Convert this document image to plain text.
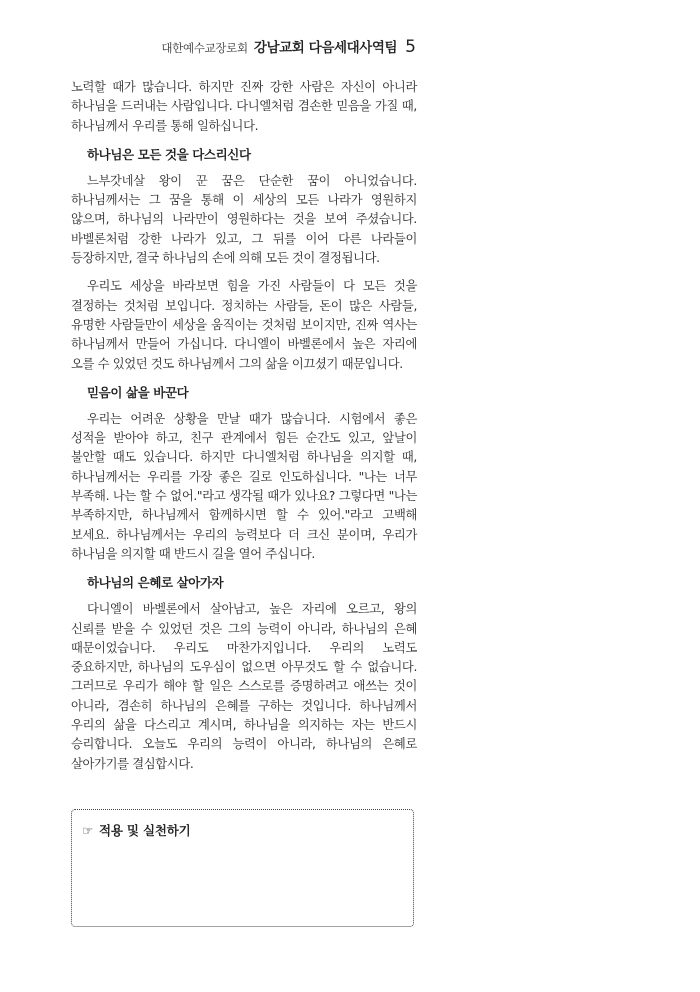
대한예수교장로회 강남교회 다음세대사역팀 5

노력할 때가 많습니다. 하지만 진짜 강한 사람은 자신이 아니라 하나님을 드러내는 사람입니다. 다니엘처럼 겸손한 믿음을 가질 때, 하나님께서 우리를 통해 일하십니다.

하나님은 모든 것을 다스리신다

느부갓네살 왕이 꾼 꿈은 단순한 꿈이 아니었습니다. 하나님께서는 그 꿈을 통해 이 세상의 모든 나라가 영원하지 않으며, 하나님의 나라만이 영원하다는 것을 보여 주셨습니다. 바벨론처럼 강한 나라가 있고, 그 뒤를 이어 다른 나라들이 등장하지만, 결국 하나님의 손에 의해 모든 것이 결정됩니다.

우리도 세상을 바라보면 힘을 가진 사람들이 다 모든 것을 결정하는 것처럼 보입니다. 정치하는 사람들, 돈이 많은 사람들, 유명한 사람들만이 세상을 움직이는 것처럼 보이지만, 진짜 역사는 하나님께서 만들어 가십니다. 다니엘이 바벨론에서 높은 자리에 오를 수 있었던 것도 하나님께서 그의 삶을 이끄셨기 때문입니다.

믿음이 삶을 바꾼다

우리는 어려운 상황을 만날 때가 많습니다. 시험에서 좋은 성적을 받아야 하고, 친구 관계에서 힘든 순간도 있고, 앞날이 불안할 때도 있습니다. 하지만 다니엘처럼 하나님을 의지할 때, 하나님께서는 우리를 가장 좋은 길로 인도하십니다. "나는 너무 부족해. 나는 할 수 없어."라고 생각될 때가 있나요? 그렇다면 "나는 부족하지만, 하나님께서 함께하시면 할 수 있어."라고 고백해 보세요. 하나님께서는 우리의 능력보다 더 크신 분이며, 우리가 하나님을 의지할 때 반드시 길을 열어 주십니다.

하나님의 은혜로 살아가자

다니엘이 바벨론에서 살아남고, 높은 자리에 오르고, 왕의 신뢰를 받을 수 있었던 것은 그의 능력이 아니라, 하나님의 은혜 때문이었습니다. 우리도 마찬가지입니다. 우리의 노력도 중요하지만, 하나님의 도우심이 없으면 아무것도 할 수 없습니다. 그러므로 우리가 해야 할 일은 스스로를 증명하려고 애쓰는 것이 아니라, 겸손히 하나님의 은혜를 구하는 것입니다. 하나님께서 우리의 삶을 다스리고 계시며, 하나님을 의지하는 자는 반드시 승리합니다. 오늘도 우리의 능력이 아니라, 하나님의 은혜로 살아가기를 결심합시다.

☞ 적용 및 실천하기
